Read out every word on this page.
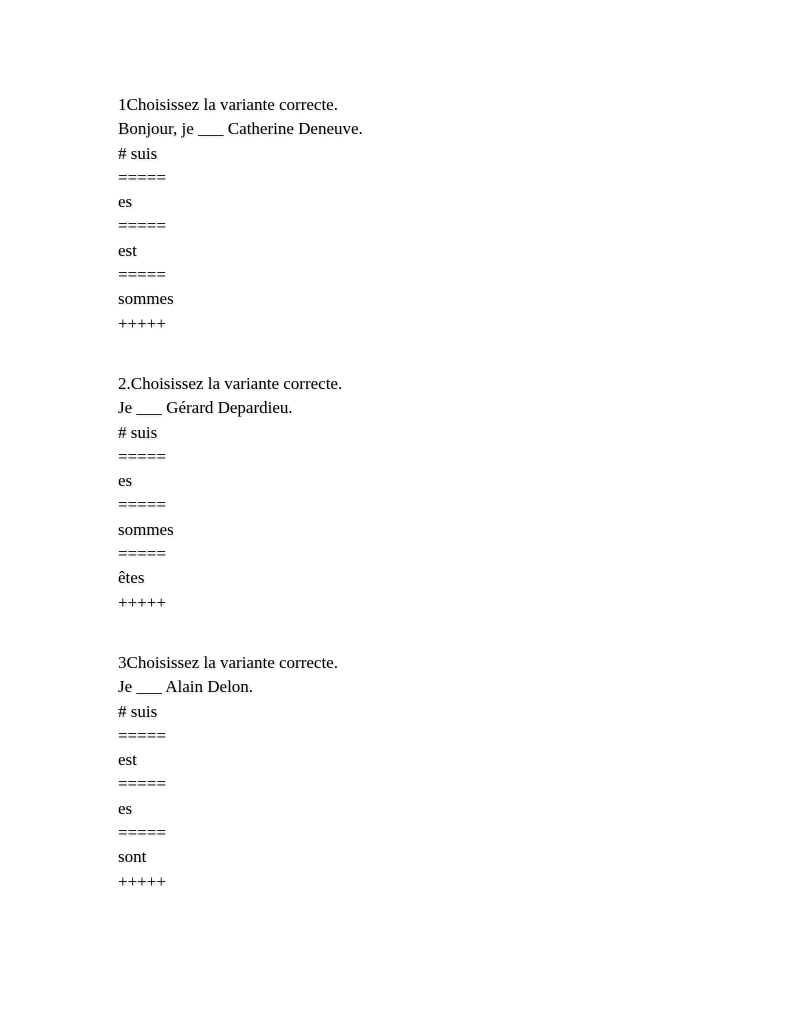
1Choisissez la variante correcte.
Bonjour, je ___ Catherine Deneuve.
# suis
=====
es
=====
est
=====
sommes
+++++
2.Choisissez la variante correcte.
Je ___ Gérard Depardieu.
# suis
=====
es
=====
sommes
=====
êtes
+++++
3Choisissez la variante correcte.
Je ___ Alain Delon.
# suis
=====
est
=====
es
=====
sont
+++++
